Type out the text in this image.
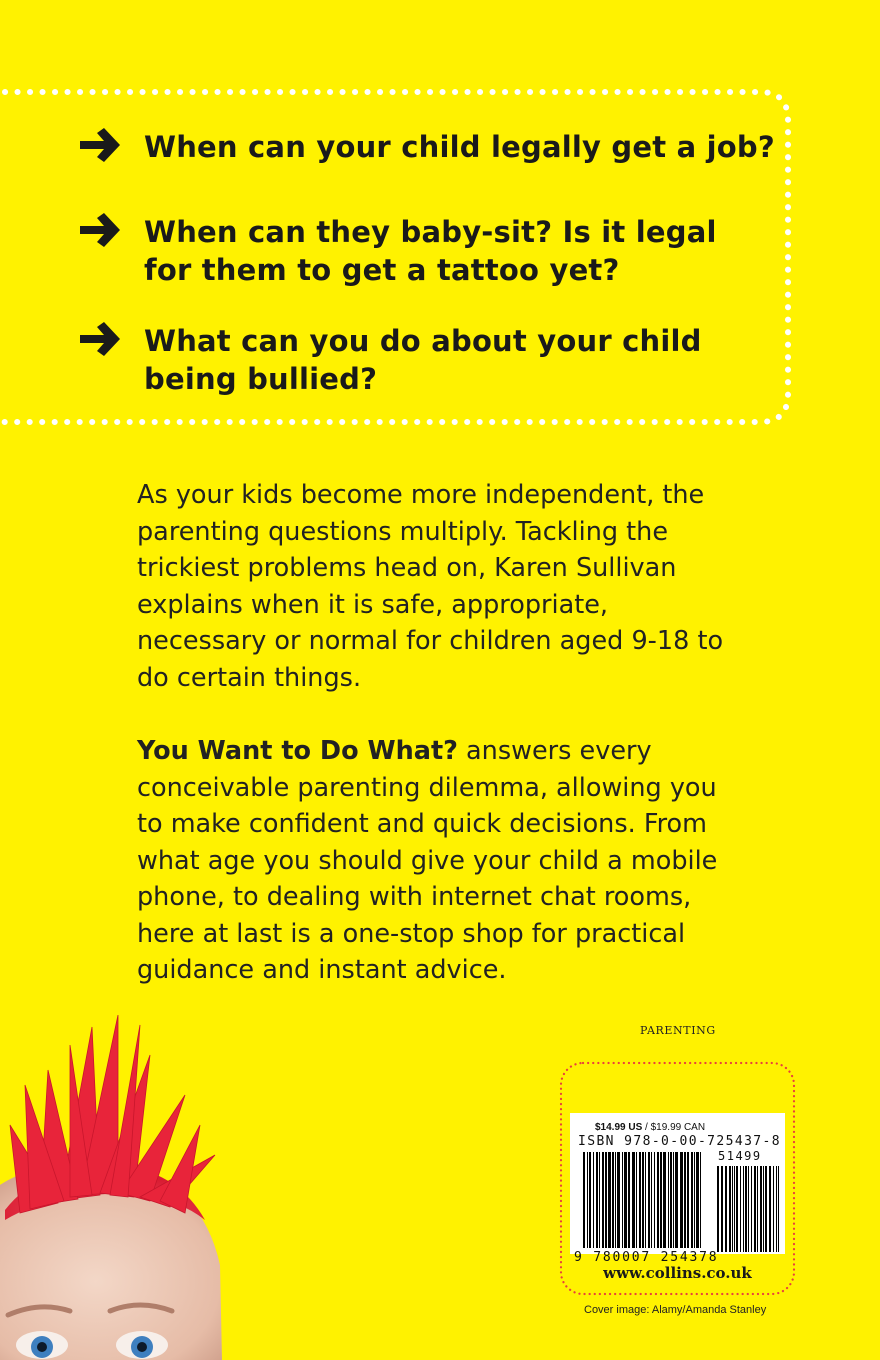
When can your child legally get a job?
When can they baby-sit? Is it legal for them to get a tattoo yet?
What can you do about your child being bullied?

As your kids become more independent, the parenting questions multiply. Tackling the trickiest problems head on, Karen Sullivan explains when it is safe, appropriate, necessary or normal for children aged 9-18 to do certain things.

You Want to Do What? answers every conceivable parenting dilemma, allowing you to make confident and quick decisions. From what age you should give your child a mobile phone, to dealing with internet chat rooms, here at last is a one-stop shop for practical guidance and instant advice.

PARENTING
$14.99 US / $19.99 CAN
ISBN 978-0-00-725437-8
51499
9 780007 254378
www.collins.co.uk
Cover image: Alamy/Amanda Stanley
